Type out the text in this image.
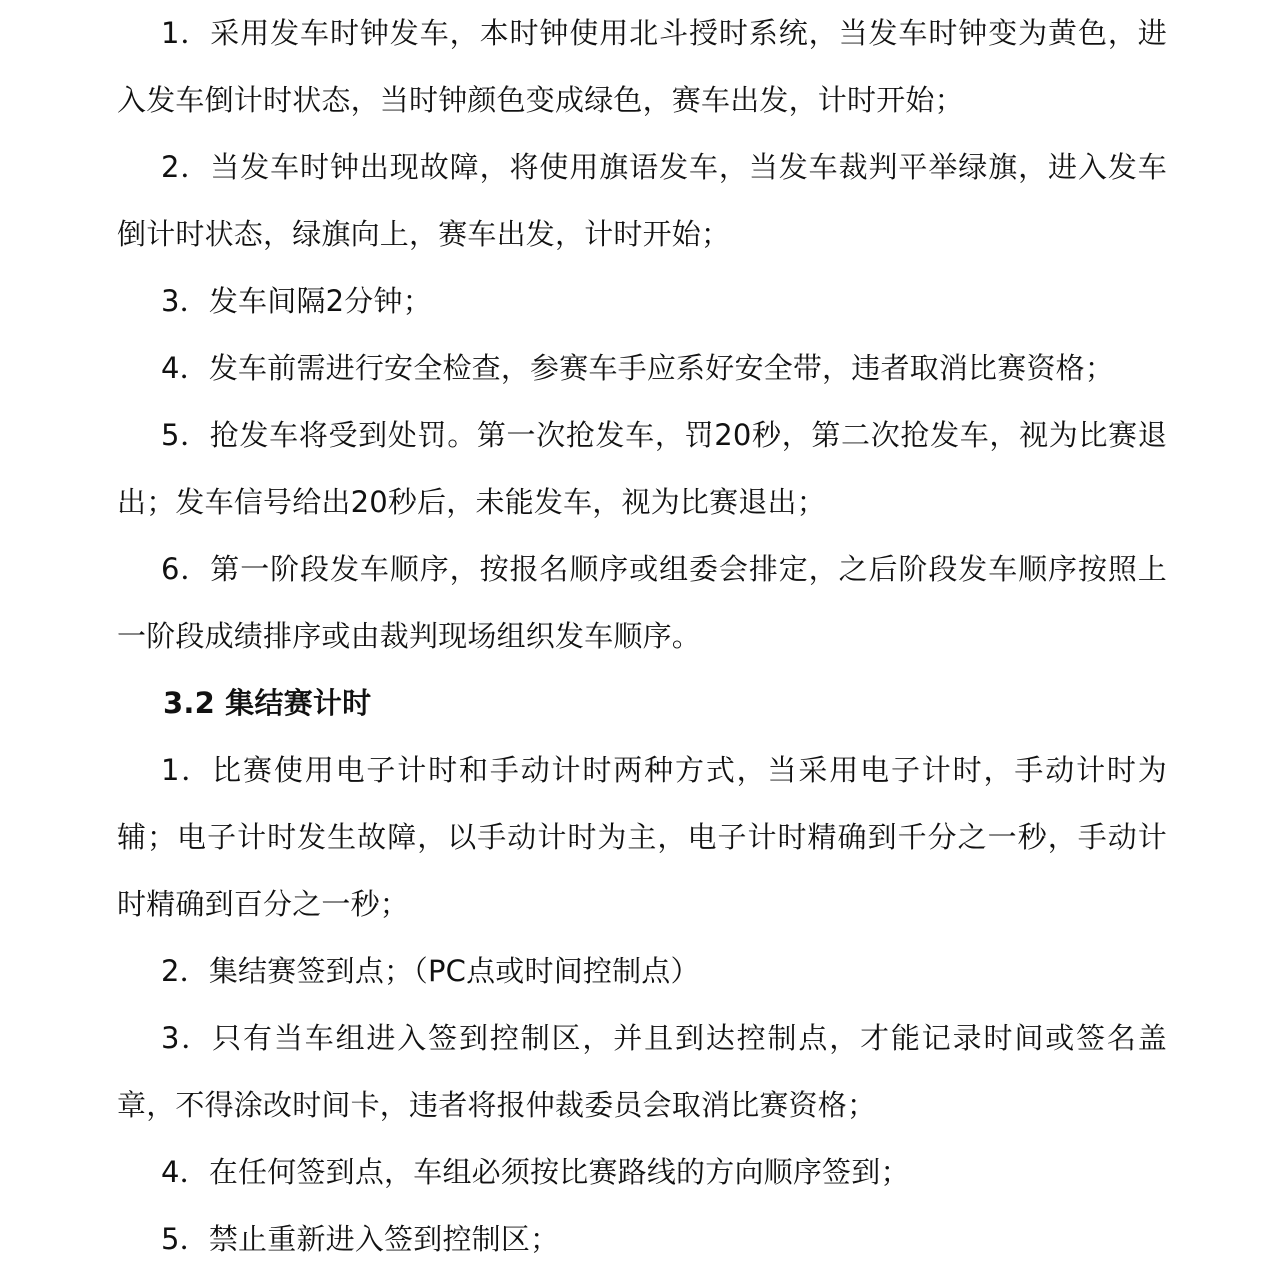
1．采用发车时钟发车，本时钟使用北斗授时系统，当发车时钟变为黄色，进入发车倒计时状态，当时钟颜色变成绿色，赛车出发，计时开始；

2．当发车时钟出现故障，将使用旗语发车，当发车裁判平举绿旗，进入发车倒计时状态，绿旗向上，赛车出发，计时开始；

3．发车间隔2分钟；

4．发车前需进行安全检查，参赛车手应系好安全带，违者取消比赛资格；

5．抢发车将受到处罚。第一次抢发车，罚20秒，第二次抢发车，视为比赛退出；发车信号给出20秒后，未能发车，视为比赛退出；

6．第一阶段发车顺序，按报名顺序或组委会排定，之后阶段发车顺序按照上一阶段成绩排序或由裁判现场组织发车顺序。

3.2 集结赛计时

1．比赛使用电子计时和手动计时两种方式，当采用电子计时，手动计时为辅；电子计时发生故障，以手动计时为主，电子计时精确到千分之一秒，手动计时精确到百分之一秒；

2．集结赛签到点；（PC点或时间控制点）

3．只有当车组进入签到控制区，并且到达控制点，才能记录时间或签名盖章，不得涂改时间卡，违者将报仲裁委员会取消比赛资格；

4．在任何签到点，车组必须按比赛路线的方向顺序签到；

5．禁止重新进入签到控制区；
